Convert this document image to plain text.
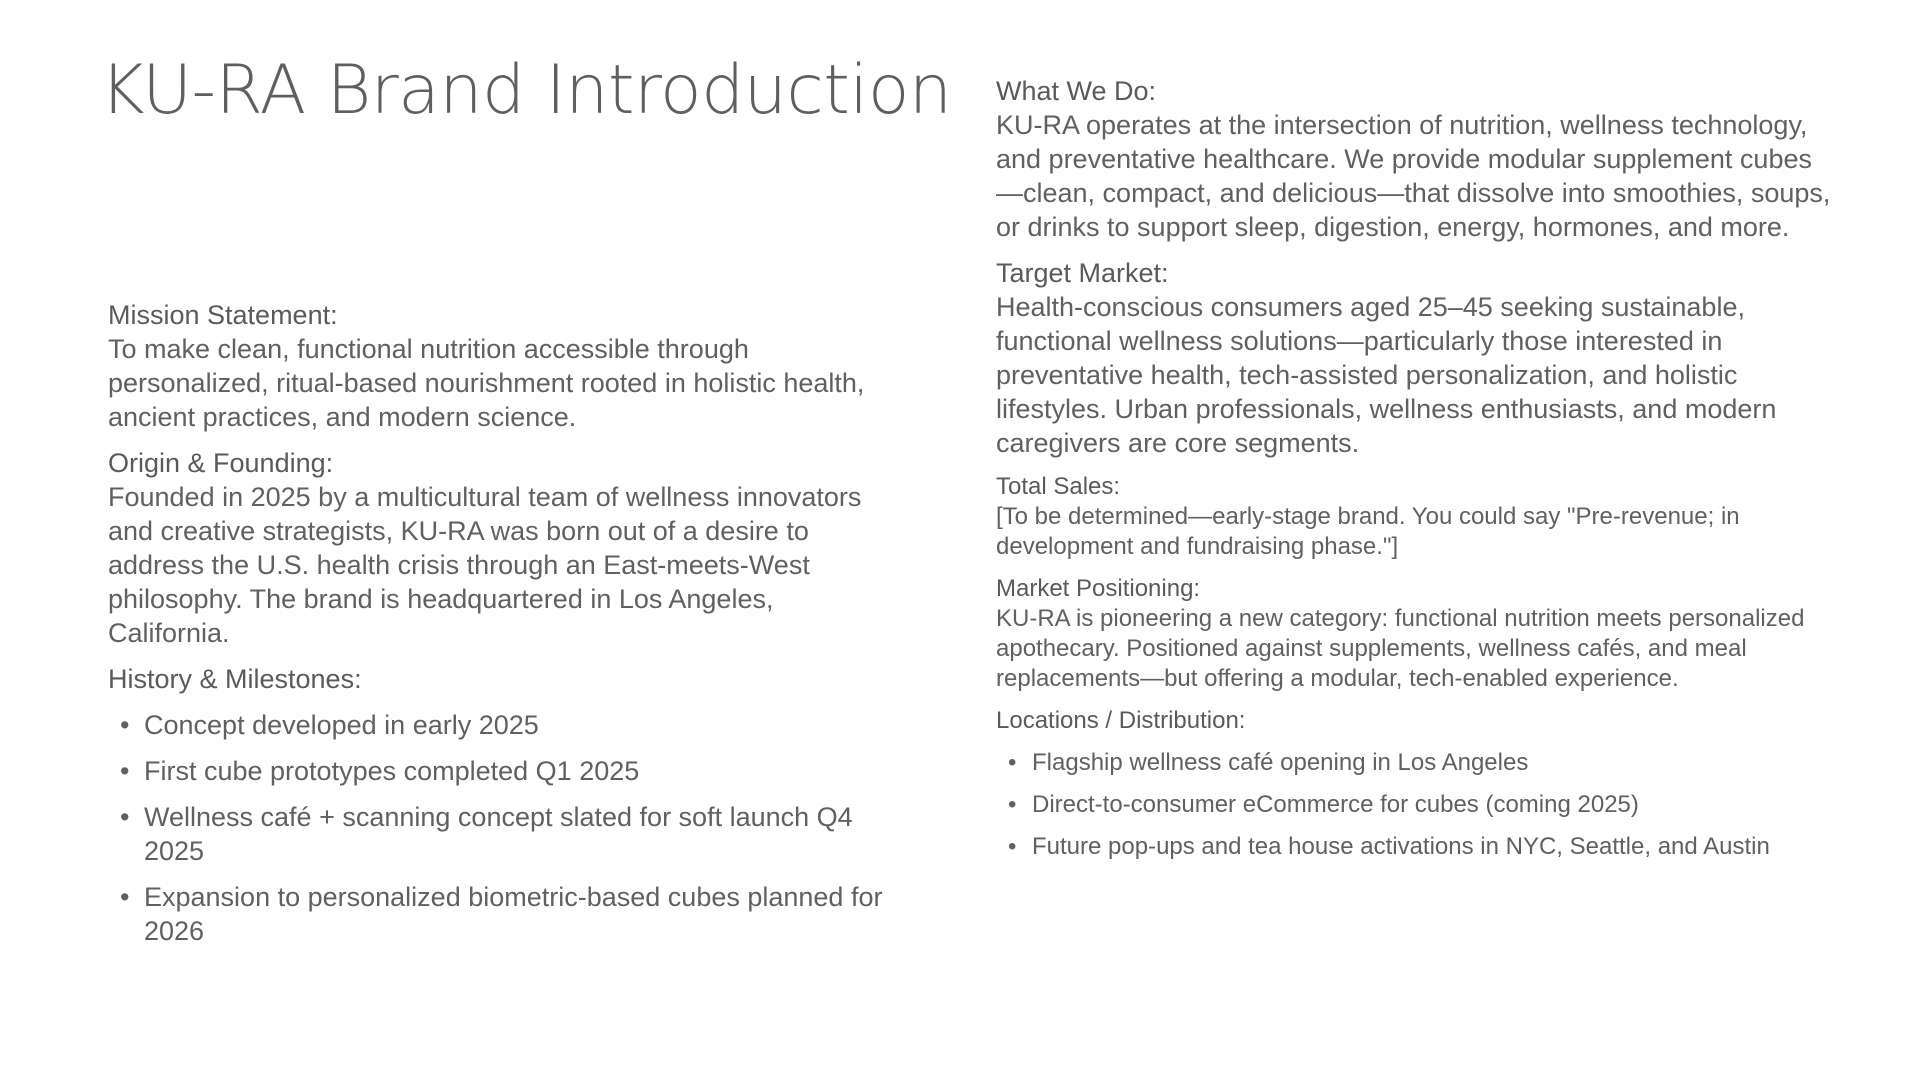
KU-RA Brand Introduction

Mission Statement:

To make clean, functional nutrition accessible through personalized, ritual-based nourishment rooted in holistic health, ancient practices, and modern science.

Origin & Founding:

Founded in 2025 by a multicultural team of wellness innovators and creative strategists, KU-RA was born out of a desire to address the U.S. health crisis through an East-meets-West philosophy. The brand is headquartered in Los Angeles, California.

History & Milestones:

• Concept developed in early 2025
• First cube prototypes completed Q1 2025
• Wellness café + scanning concept slated for soft launch Q4 2025
• Expansion to personalized biometric-based cubes planned for 2026

What We Do:

KU-RA operates at the intersection of nutrition, wellness technology, and preventative healthcare. We provide modular supplement cubes—clean, compact, and delicious—that dissolve into smoothies, soups, or drinks to support sleep, digestion, energy, hormones, and more.

Target Market:

Health-conscious consumers aged 25–45 seeking sustainable, functional wellness solutions—particularly those interested in preventative health, tech-assisted personalization, and holistic lifestyles. Urban professionals, wellness enthusiasts, and modern caregivers are core segments.

Total Sales:

[To be determined—early-stage brand. You could say "Pre-revenue; in development and fundraising phase."]

Market Positioning:

KU-RA is pioneering a new category: functional nutrition meets personalized apothecary. Positioned against supplements, wellness cafés, and meal replacements—but offering a modular, tech-enabled experience.

Locations / Distribution:

• Flagship wellness café opening in Los Angeles
• Direct-to-consumer eCommerce for cubes (coming 2025)
• Future pop-ups and tea house activations in NYC, Seattle, and Austin
